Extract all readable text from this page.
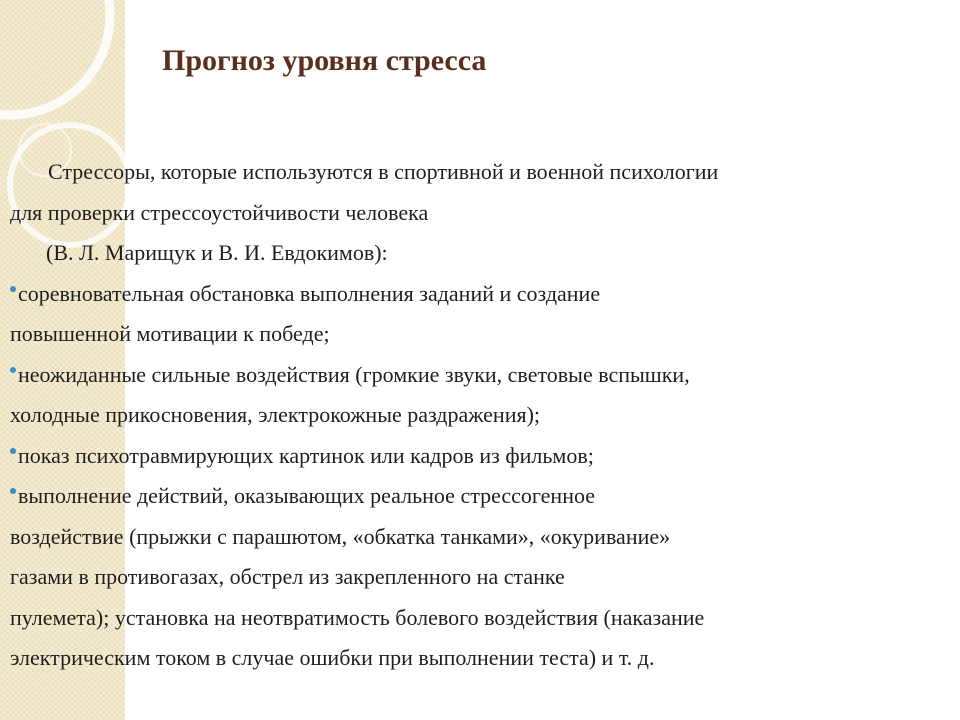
Прогноз уровня стресса
Стрессоры, которые используются в спортивной и военной психологии
для проверки стрессоустойчивости человека
(В. Л. Марищук и В. И. Евдокимов):
соревновательная обстановка выполнения заданий и создание
повышенной мотивации к победе;
неожиданные сильные воздействия (громкие звуки, световые вспышки,
холодные прикосновения, электрокожные раздражения);
показ психотравмирующих картинок или кадров из фильмов;
выполнение действий, оказывающих реальное стрессогенное
воздействие (прыжки с парашютом, «обкатка танками», «окуривание»
газами в противогазах, обстрел из закрепленного на станке
пулемета); установка на неотвратимость болевого воздействия (наказание
электрическим током в случае ошибки при выполнении теста) и т. д.
